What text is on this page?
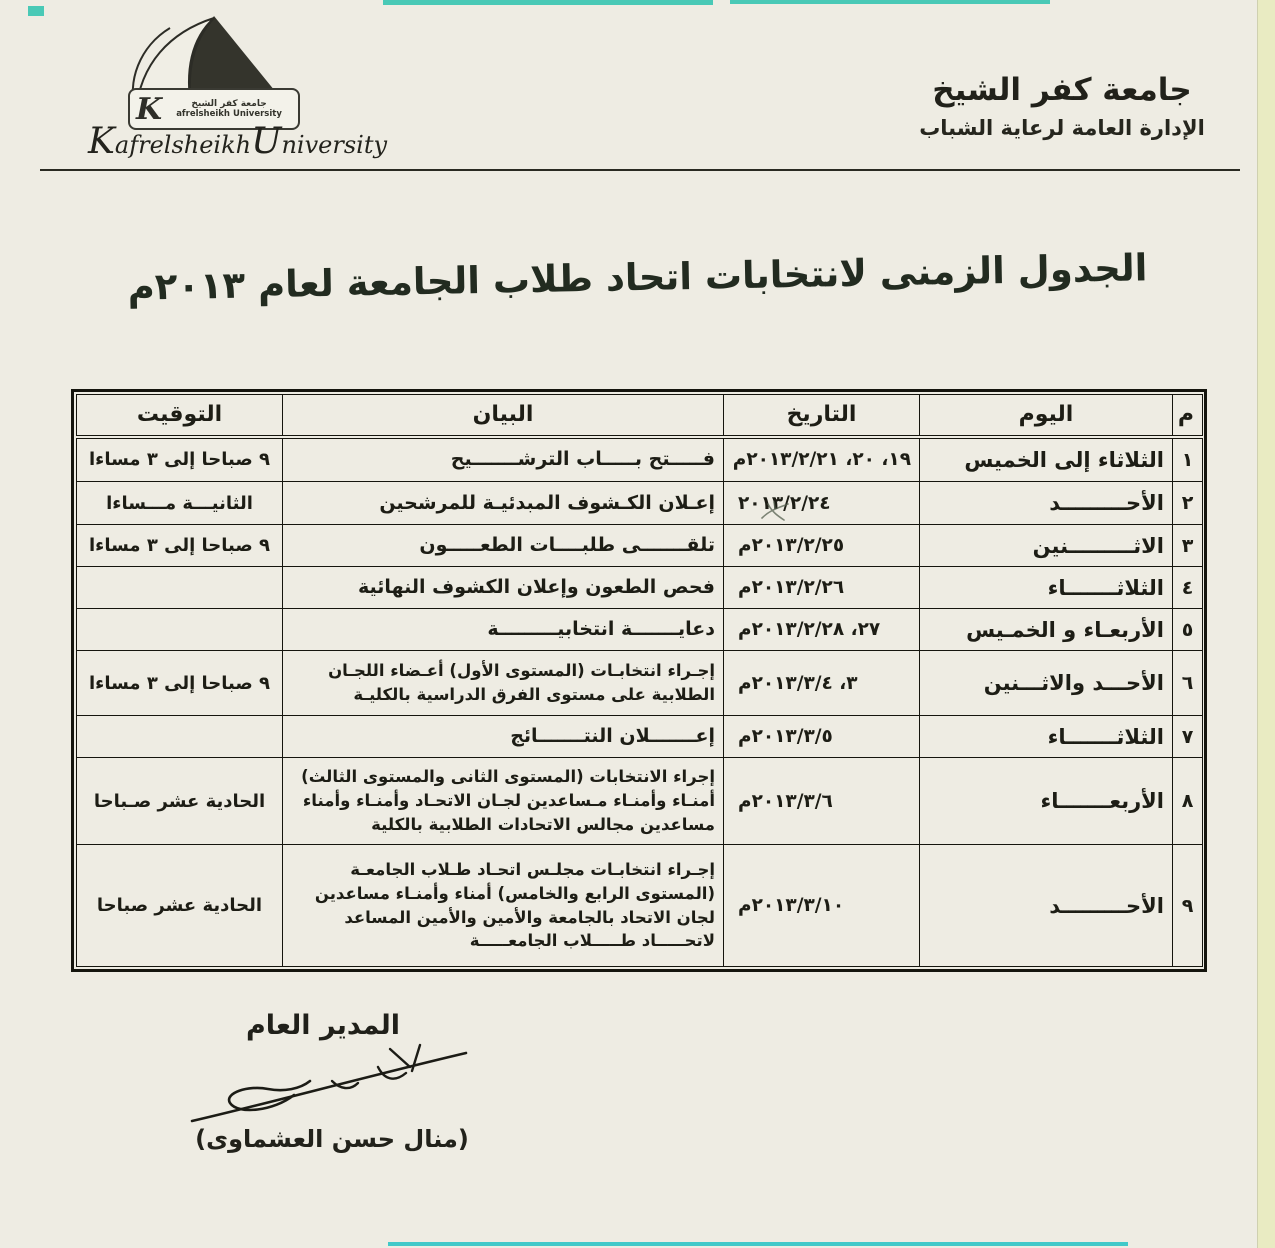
K	جامعة كفر الشيخ
afrelsheikh University
KafrelsheikhUniversity
جامعة كفر الشيخ
الإدارة العامة لرعاية الشباب
الجدول الزمنى لانتخابات اتحاد طلاب الجامعة لعام ٢٠١٣م
م	اليوم	التاريخ	البيان	التوقيت
١	الثلاثاء إلى الخميس	١٩، ٢٠، ٢٠١٣/٢/٢١م	فـــــتح بـــــاب الترشـــــــيح	٩ صباحا إلى ٣ مساءا
٢	الأحـــــــــد	٢٠١٣/٢/٢٤	إعـلان الكـشوف المبدئيـة للمرشحين	الثانيـــة مـــساءا
٣	الاثـــــــــنين	٢٠١٣/٢/٢٥م	تلقـــــــى طلبــــات الطعـــــون	٩ صباحا إلى ٣ مساءا
٤	الثلاثـــــــاء	٢٠١٣/٢/٢٦م	فحص الطعون وإعلان الكشوف النهائية	
٥	الأربعـاء و الخمـيس	٢٧، ٢٠١٣/٢/٢٨م	دعايـــــــة انتخابيـــــــــة	
٦	الأحـــد والاثـــنين	٣، ٢٠١٣/٣/٤م	إجـراء انتخابـات (المستوى الأول) أعـضاء اللجـان الطلابية على مستوى الفرق الدراسية بالكليـة	٩ صباحا إلى ٣ مساءا
٧	الثلاثـــــــاء	٢٠١٣/٣/٥م	إعـــــــلان النتـــــــائج	
٨	الأربعـــــــاء	٢٠١٣/٣/٦م	إجراء الانتخابات (المستوى الثانى والمستوى الثالث) أمنـاء وأمنـاء مـساعدين لجـان الاتحـاد وأمنـاء وأمناء مساعدين مجالس الاتحادات الطلابية بالكلية	الحادية عشر صـباحا
٩	الأحـــــــــد	٢٠١٣/٣/١٠م	إجـراء انتخابـات مجلـس اتحـاد طـلاب الجامعـة (المستوى الرابع والخامس) أمناء وأمنـاء مساعدين لجان الاتحاد بالجامعة والأمين والأمين المساعد لاتحـــــاد طـــــلاب الجامعـــــة	الحادية عشر صباحا
المدير العام
(منال حسن العشماوى)
